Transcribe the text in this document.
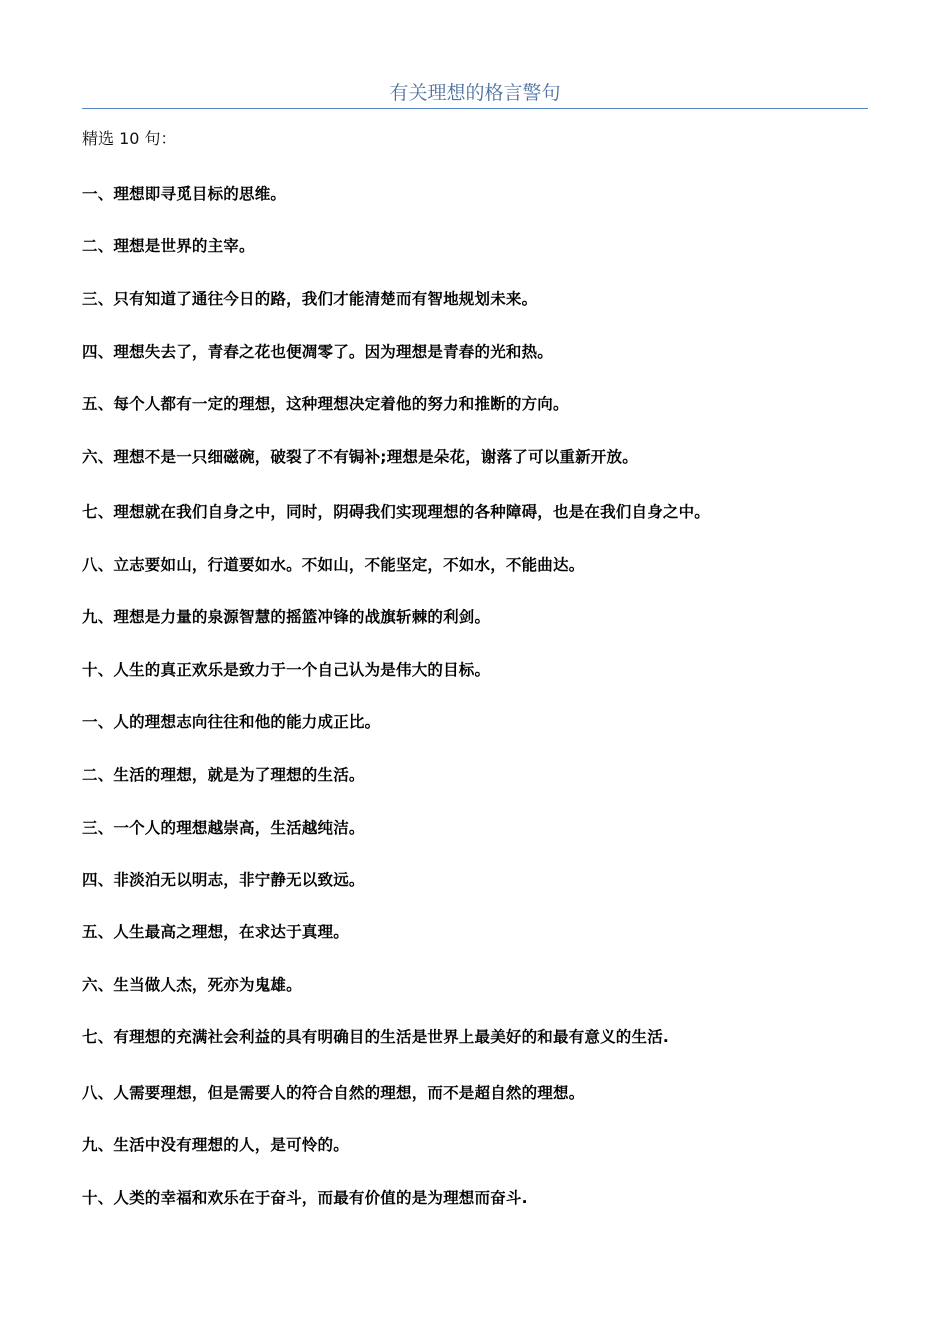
有关理想的格言警句
精选 10 句：
一、理想即寻觅目标的思维。
二、理想是世界的主宰。
三、只有知道了通往今日的路，我们才能清楚而有智地规划未来。
四、理想失去了，青春之花也便凋零了。因为理想是青春的光和热。
五、每个人都有一定的理想，这种理想决定着他的努力和推断的方向。
六、理想不是一只细磁碗，破裂了不有锔补;理想是朵花，谢落了可以重新开放。
七、理想就在我们自身之中，同时，阴碍我们实现理想的各种障碍，也是在我们自身之中。
八、立志要如山，行道要如水。不如山，不能坚定，不如水，不能曲达。
九、理想是力量的泉源智慧的摇篮冲锋的战旗斩棘的利剑。
十、人生的真正欢乐是致力于一个自己认为是伟大的目标。
一、人的理想志向往往和他的能力成正比。
二、生活的理想，就是为了理想的生活。
三、一个人的理想越崇高，生活越纯洁。
四、非淡泊无以明志，非宁静无以致远。
五、人生最高之理想，在求达于真理。
六、生当做人杰，死亦为鬼雄。
七、有理想的充满社会利益的具有明确目的生活是世界上最美好的和最有意义的生活.
八、人需要理想，但是需要人的符合自然的理想，而不是超自然的理想。
九、生活中没有理想的人，是可怜的。
十、人类的幸福和欢乐在于奋斗，而最有价值的是为理想而奋斗.
